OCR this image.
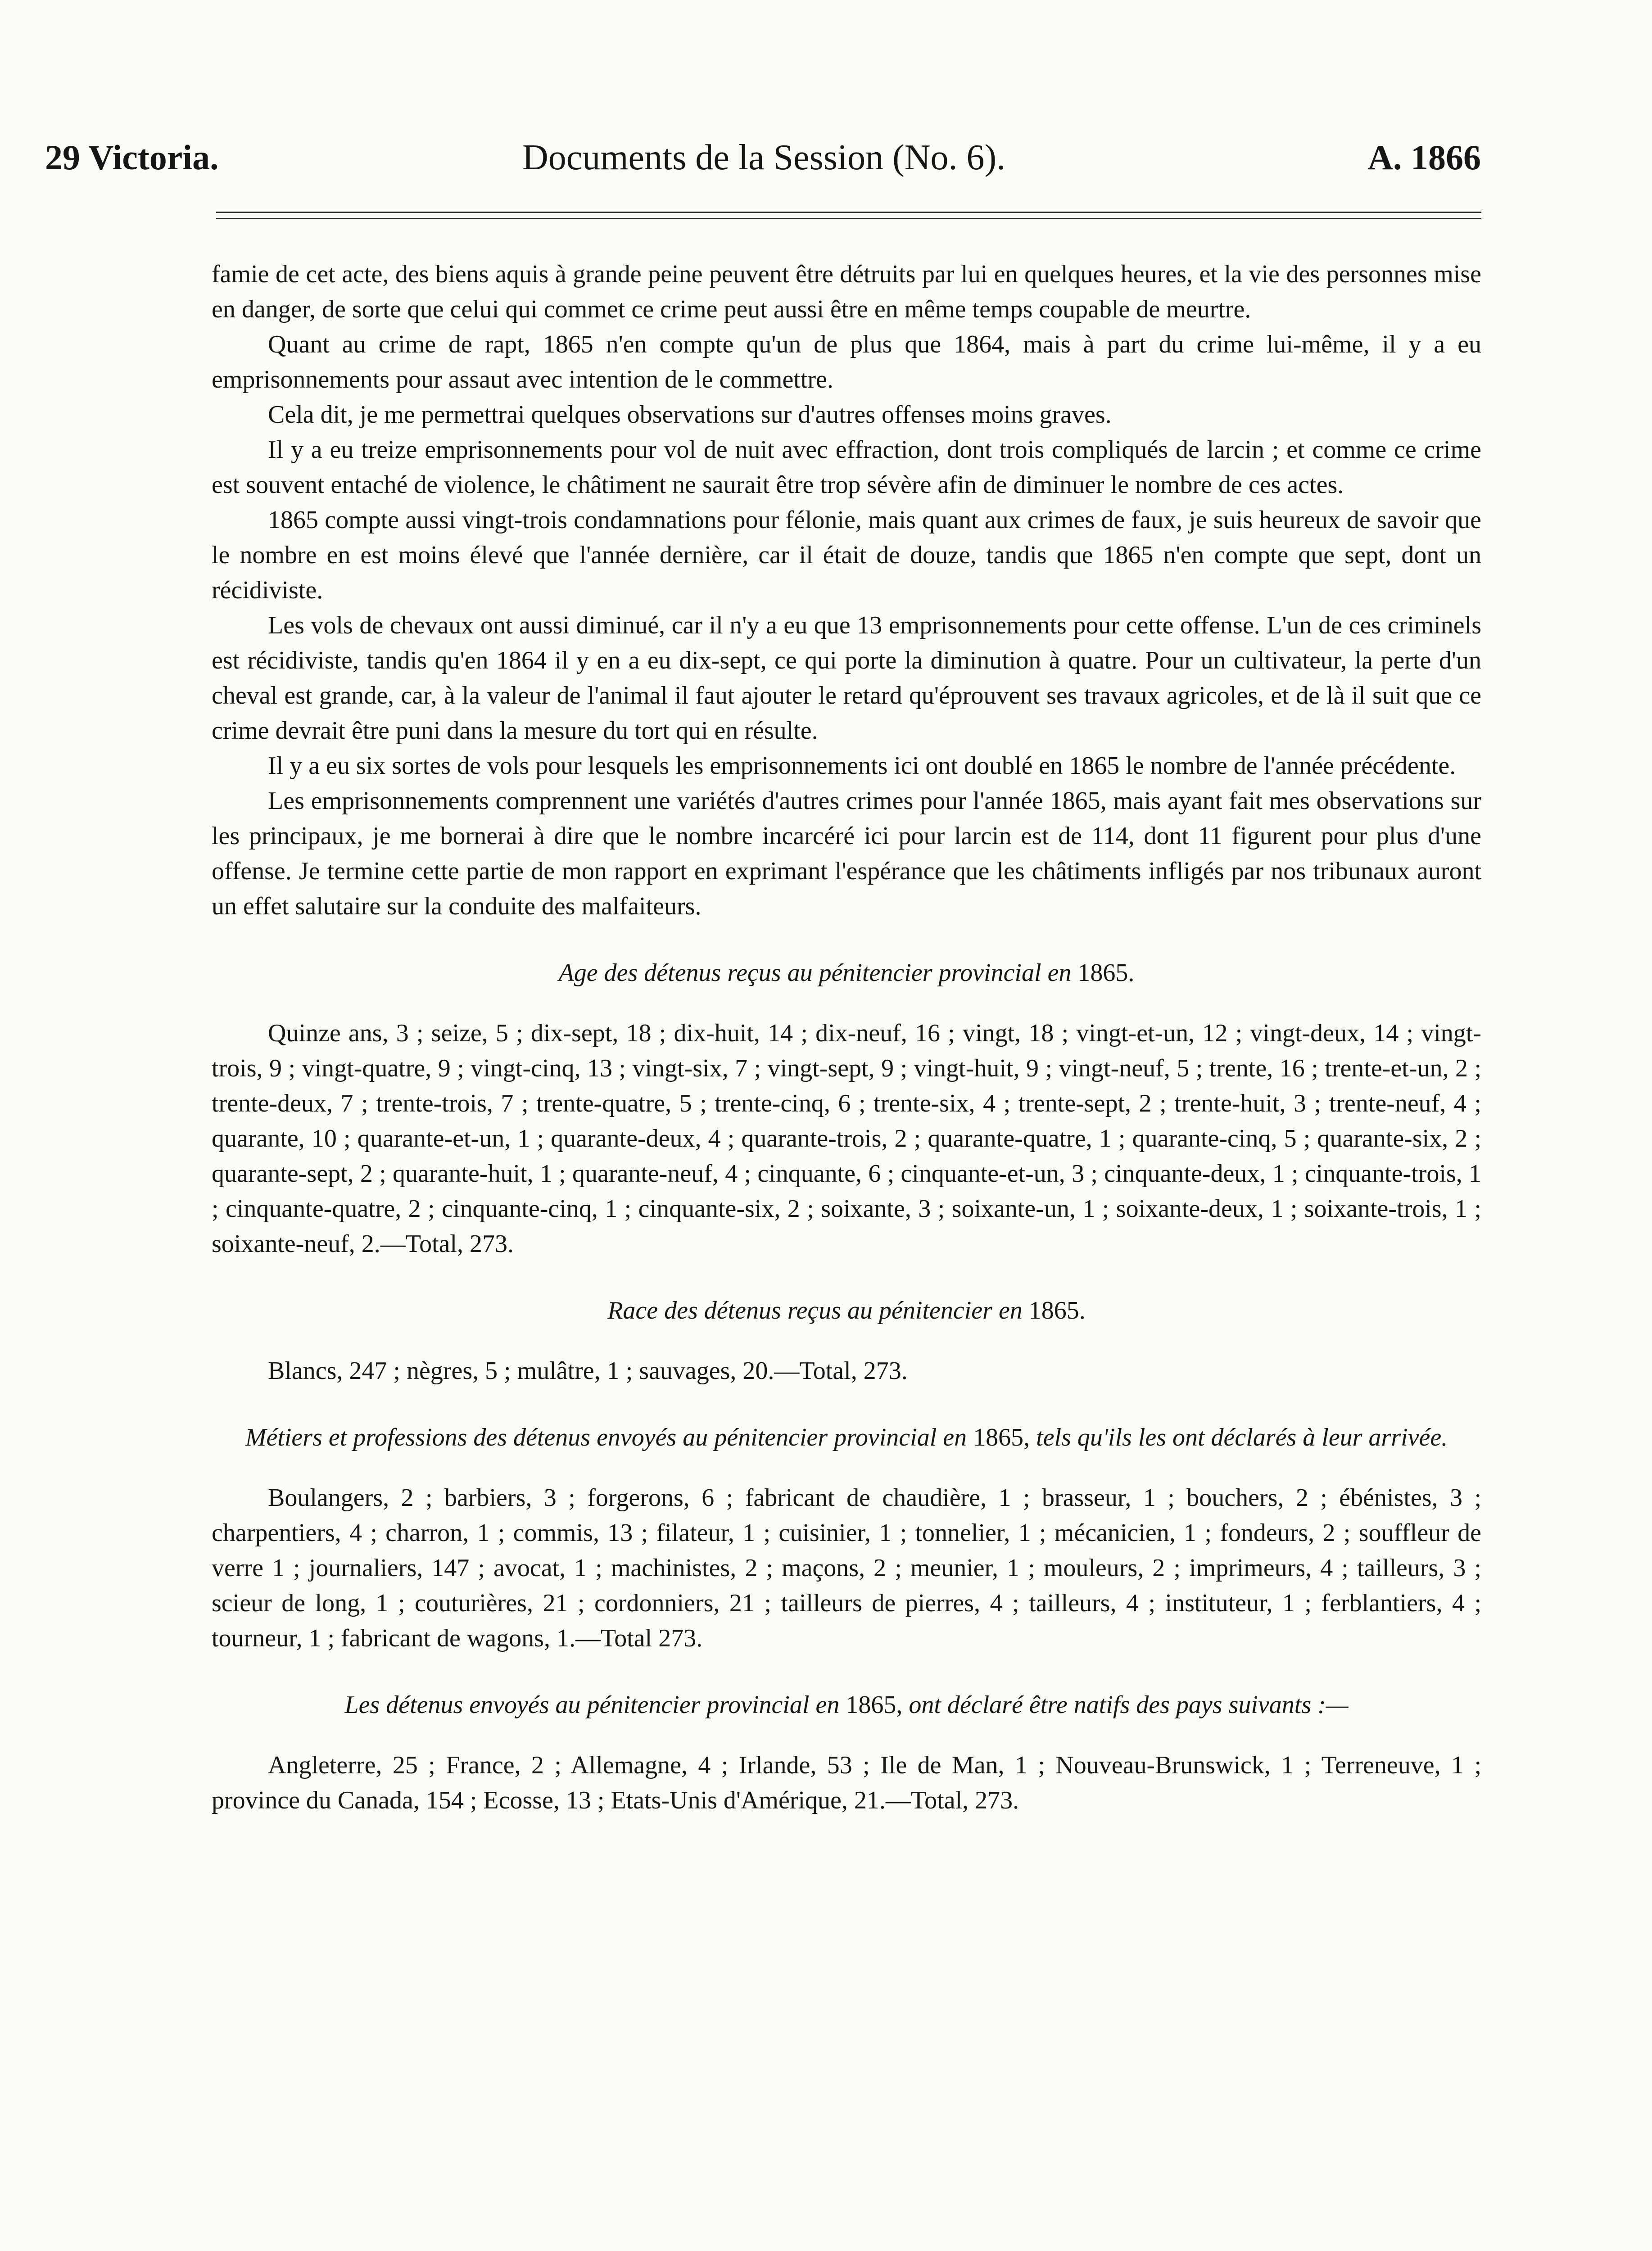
29 Victoria.	Documents de la Session (No. 6).	A. 1866

famie de cet acte, des biens aquis à grande peine peuvent être détruits par lui en quelques heures, et la vie des personnes mise en danger, de sorte que celui qui commet ce crime peut aussi être en même temps coupable de meurtre.

Quant au crime de rapt, 1865 n'en compte qu'un de plus que 1864, mais à part du crime lui-même, il y a eu emprisonnements pour assaut avec intention de le commettre.

Cela dit, je me permettrai quelques observations sur d'autres offenses moins graves.

Il y a eu treize emprisonnements pour vol de nuit avec effraction, dont trois compliqués de larcin ; et comme ce crime est souvent entaché de violence, le châtiment ne saurait être trop sévère afin de diminuer le nombre de ces actes.

1865 compte aussi vingt-trois condamnations pour félonie, mais quant aux crimes de faux, je suis heureux de savoir que le nombre en est moins élevé que l'année dernière, car il était de douze, tandis que 1865 n'en compte que sept, dont un récidiviste.

Les vols de chevaux ont aussi diminué, car il n'y a eu que 13 emprisonnements pour cette offense. L'un de ces criminels est récidiviste, tandis qu'en 1864 il y en a eu dix-sept, ce qui porte la diminution à quatre. Pour un cultivateur, la perte d'un cheval est grande, car, à la valeur de l'animal il faut ajouter le retard qu'éprouvent ses travaux agricoles, et de là il suit que ce crime devrait être puni dans la mesure du tort qui en résulte.

Il y a eu six sortes de vols pour lesquels les emprisonnements ici ont doublé en 1865 le nombre de l'année précédente.

Les emprisonnements comprennent une variétés d'autres crimes pour l'année 1865, mais ayant fait mes observations sur les principaux, je me bornerai à dire que le nombre incarcéré ici pour larcin est de 114, dont 11 figurent pour plus d'une offense. Je termine cette partie de mon rapport en exprimant l'espérance que les châtiments infligés par nos tribunaux auront un effet salutaire sur la conduite des malfaiteurs.

Age des détenus reçus au pénitencier provincial en 1865.

Quinze ans, 3 ; seize, 5 ; dix-sept, 18 ; dix-huit, 14 ; dix-neuf, 16 ; vingt, 18 ; vingt-et-un, 12 ; vingt-deux, 14 ; vingt-trois, 9 ; vingt-quatre, 9 ; vingt-cinq, 13 ; vingt-six, 7 ; vingt-sept, 9 ; vingt-huit, 9 ; vingt-neuf, 5 ; trente, 16 ; trente-et-un, 2 ; trente-deux, 7 ; trente-trois, 7 ; trente-quatre, 5 ; trente-cinq, 6 ; trente-six, 4 ; trente-sept, 2 ; trente-huit, 3 ; trente-neuf, 4 ; quarante, 10 ; quarante-et-un, 1 ; quarante-deux, 4 ; quarante-trois, 2 ; quarante-quatre, 1 ; quarante-cinq, 5 ; quarante-six, 2 ; quarante-sept, 2 ; quarante-huit, 1 ; quarante-neuf, 4 ; cinquante, 6 ; cinquante-et-un, 3 ; cinquante-deux, 1 ; cinquante-trois, 1 ; cinquante-quatre, 2 ; cinquante-cinq, 1 ; cinquante-six, 2 ; soixante, 3 ; soixante-un, 1 ; soixante-deux, 1 ; soixante-trois, 1 ; soixante-neuf, 2.—Total, 273.

Race des détenus reçus au pénitencier en 1865.

Blancs, 247 ; nègres, 5 ; mulâtre, 1 ; sauvages, 20.—Total, 273.

Métiers et professions des détenus envoyés au pénitencier provincial en 1865, tels qu'ils les ont déclarés à leur arrivée.

Boulangers, 2 ; barbiers, 3 ; forgerons, 6 ; fabricant de chaudière, 1 ; brasseur, 1 ; bouchers, 2 ; ébénistes, 3 ; charpentiers, 4 ; charron, 1 ; commis, 13 ; filateur, 1 ; cuisinier, 1 ; tonnelier, 1 ; mécanicien, 1 ; fondeurs, 2 ; souffleur de verre 1 ; journaliers, 147 ; avocat, 1 ; machinistes, 2 ; maçons, 2 ; meunier, 1 ; mouleurs, 2 ; imprimeurs, 4 ; tailleurs, 3 ; scieur de long, 1 ; couturières, 21 ; cordonniers, 21 ; tailleurs de pierres, 4 ; tailleurs, 4 ; instituteur, 1 ; ferblantiers, 4 ; tourneur, 1 ; fabricant de wagons, 1.—Total 273.

Les détenus envoyés au pénitencier provincial en 1865, ont déclaré être natifs des pays suivants :—

Angleterre, 25 ; France, 2 ; Allemagne, 4 ; Irlande, 53 ; Ile de Man, 1 ; Nouveau-Brunswick, 1 ; Terreneuve, 1 ; province du Canada, 154 ; Ecosse, 13 ; Etats-Unis d'Amérique, 21.—Total, 273.
